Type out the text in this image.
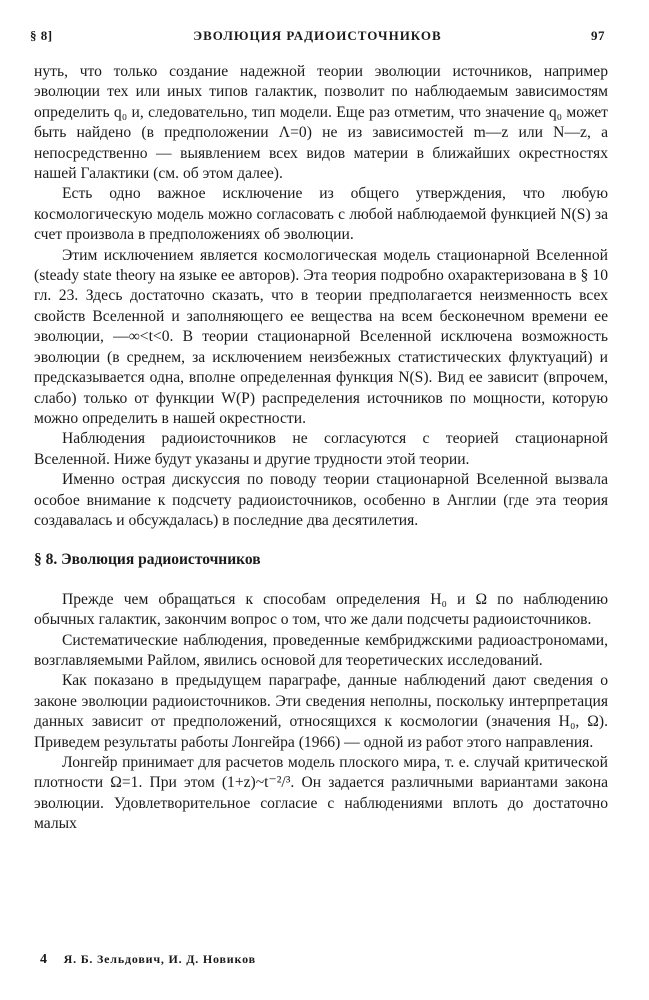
§ 8]	ЭВОЛЮЦИЯ РАДИОИСТОЧНИКОВ	97

нуть, что только создание надежной теории эволюции источников, например эволюции тех или иных типов галактик, позволит по наблюдаемым зависимостям определить q₀ и, следовательно, тип модели. Еще раз отметим, что значение q₀ может быть найдено (в предположении Λ=0) не из зависимостей m—z или N—z, а непосредственно — выявлением всех видов материи в ближайших окрестностях нашей Галактики (см. об этом далее).

Есть одно важное исключение из общего утверждения, что любую космологическую модель можно согласовать с любой наблюдаемой функцией N(S) за счет произвола в предположениях об эволюции.

Этим исключением является космологическая модель стационарной Вселенной (steady state theory на языке ее авторов). Эта теория подробно охарактеризована в § 10 гл. 23. Здесь достаточно сказать, что в теории предполагается неизменность всех свойств Вселенной и заполняющего ее вещества на всем бесконечном времени ее эволюции, —∞<t<0. В теории стационарной Вселенной исключена возможность эволюции (в среднем, за исключением неизбежных статистических флуктуаций) и предсказывается одна, вполне определенная функция N(S). Вид ее зависит (впрочем, слабо) только от функции W(P) распределения источников по мощности, которую можно определить в нашей окрестности.

Наблюдения радиоисточников не согласуются с теорией стационарной Вселенной. Ниже будут указаны и другие трудности этой теории.

Именно острая дискуссия по поводу теории стационарной Вселенной вызвала особое внимание к подсчету радиоисточников, особенно в Англии (где эта теория создавалась и обсуждалась) в последние два десятилетия.

§ 8. Эволюция радиоисточников

Прежде чем обращаться к способам определения H₀ и Ω по наблюдению обычных галактик, закончим вопрос о том, что же дали подсчеты радиоисточников.

Систематические наблюдения, проведенные кембриджскими радиоастрономами, возглавляемыми Райлом, явились основой для теоретических исследований.

Как показано в предыдущем параграфе, данные наблюдений дают сведения о законе эволюции радиоисточников. Эти сведения неполны, поскольку интерпретация данных зависит от предположений, относящихся к космологии (значения H₀, Ω). Приведем результаты работы Лонгейра (1966) — одной из работ этого направления.

Лонгейр принимает для расчетов модель плоского мира, т. е. случай критической плотности Ω=1. При этом (1+z)~t⁻²/³. Он задается различными вариантами закона эволюции. Удовлетворительное согласие с наблюдениями вплоть до достаточно малых

4 Я. Б. Зельдович, И. Д. Новиков
